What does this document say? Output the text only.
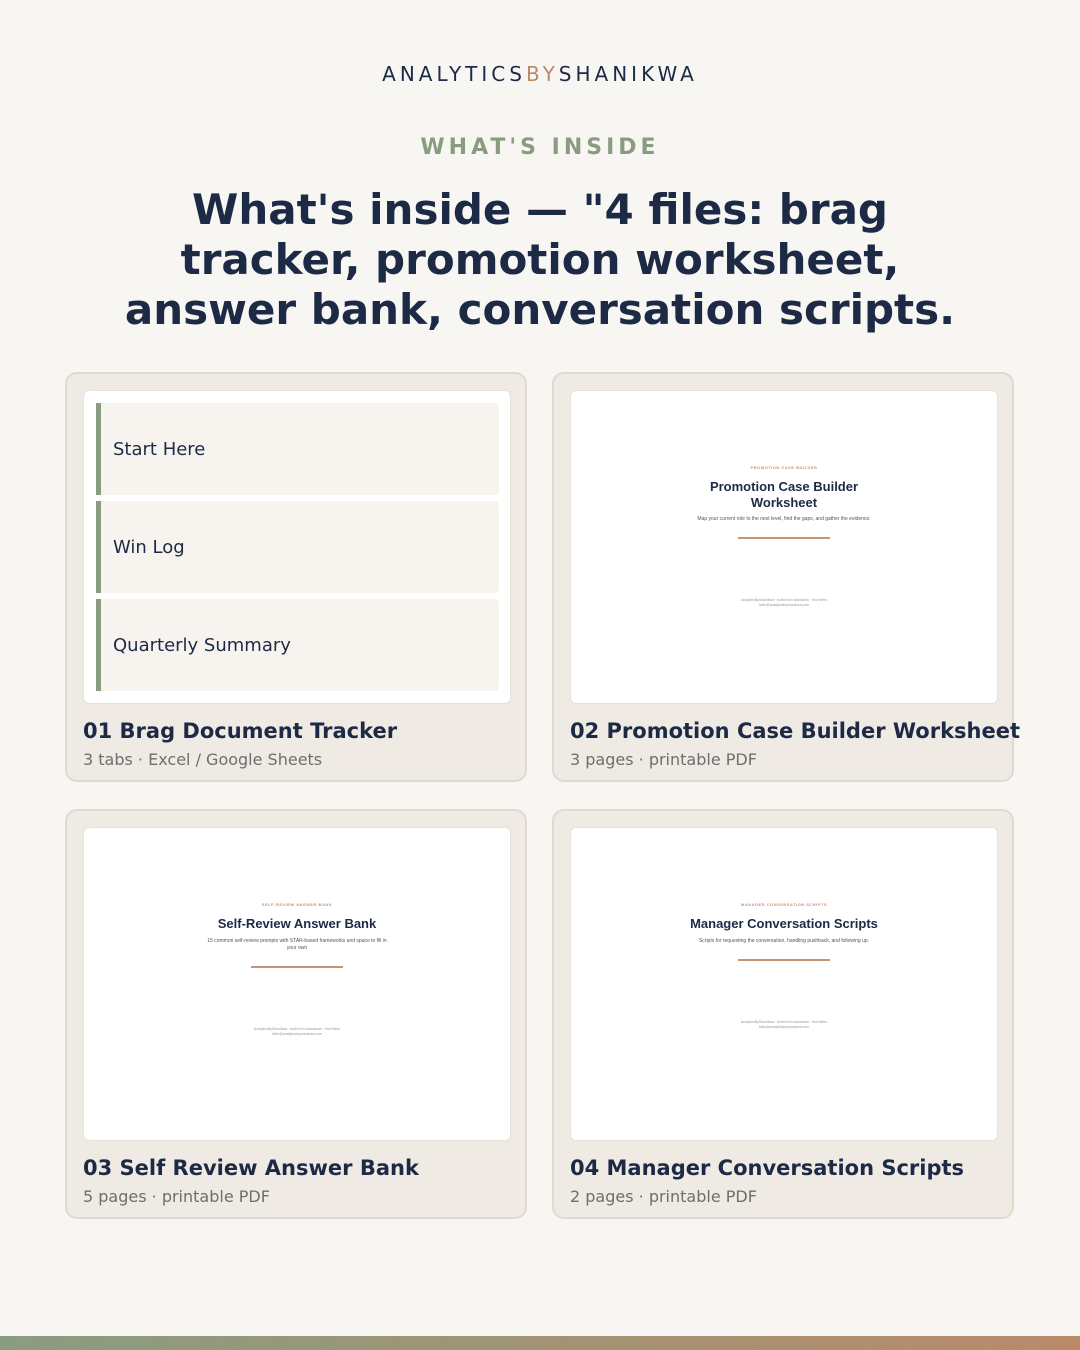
ANALYTICSBYSHANIKWA
WHAT'S INSIDE
What's inside — "4 files: brag tracker, promotion worksheet, answer bank, conversation scripts.
Start Here
Win Log
Quarterly Summary
01 Brag Document Tracker
3 tabs · Excel / Google Sheets
PROMOTION CASE BUILDER
Promotion Case Builder
Worksheet
Map your current role to the next level, find the gaps, and gather the evidence.
AnalyticsByShanikwa · build from standards · find theirs
hello@analyticsbyshanikwa.com
02 Promotion Case Builder Worksheet
3 pages · printable PDF
SELF-REVIEW ANSWER BANK
Self-Review Answer Bank
15 common self-review prompts with STAR-based frameworks and space to fill in
your own
AnalyticsByShanikwa · build from standards · find theirs
hello@analyticsbyshanikwa.com
03 Self Review Answer Bank
5 pages · printable PDF
MANAGER CONVERSATION SCRIPTS
Manager Conversation Scripts
Scripts for requesting the conversation, handling pushback, and following up.
AnalyticsByShanikwa · build from standards · find theirs
hello@analyticsbyshanikwa.com
04 Manager Conversation Scripts
2 pages · printable PDF
